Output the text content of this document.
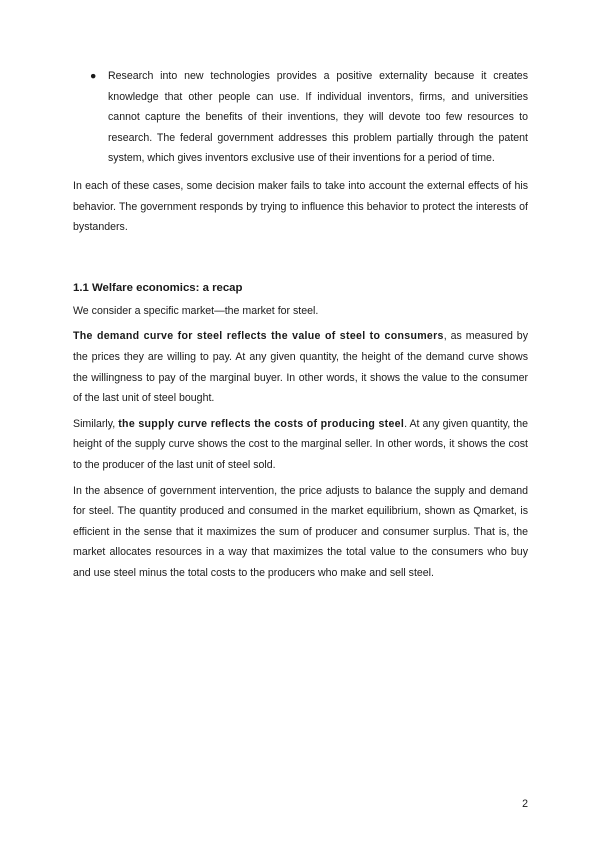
● Research into new technologies provides a positive externality because it creates knowledge that other people can use. If individual inventors, firms, and universities cannot capture the benefits of their inventions, they will devote too few resources to research. The federal government addresses this problem partially through the patent system, which gives inventors exclusive use of their inventions for a period of time.

In each of these cases, some decision maker fails to take into account the external effects of his behavior. The government responds by trying to influence this behavior to protect the interests of bystanders.

1.1 Welfare economics: a recap

We consider a specific market—the market for steel.

The demand curve for steel reflects the value of steel to consumers, as measured by the prices they are willing to pay. At any given quantity, the height of the demand curve shows the willingness to pay of the marginal buyer. In other words, it shows the value to the consumer of the last unit of steel bought.

Similarly, the supply curve reflects the costs of producing steel. At any given quantity, the height of the supply curve shows the cost to the marginal seller. In other words, it shows the cost to the producer of the last unit of steel sold.

In the absence of government intervention, the price adjusts to balance the supply and demand for steel. The quantity produced and consumed in the market equilibrium, shown as Qmarket, is efficient in the sense that it maximizes the sum of producer and consumer surplus. That is, the market allocates resources in a way that maximizes the total value to the consumers who buy and use steel minus the total costs to the producers who make and sell steel.

2
